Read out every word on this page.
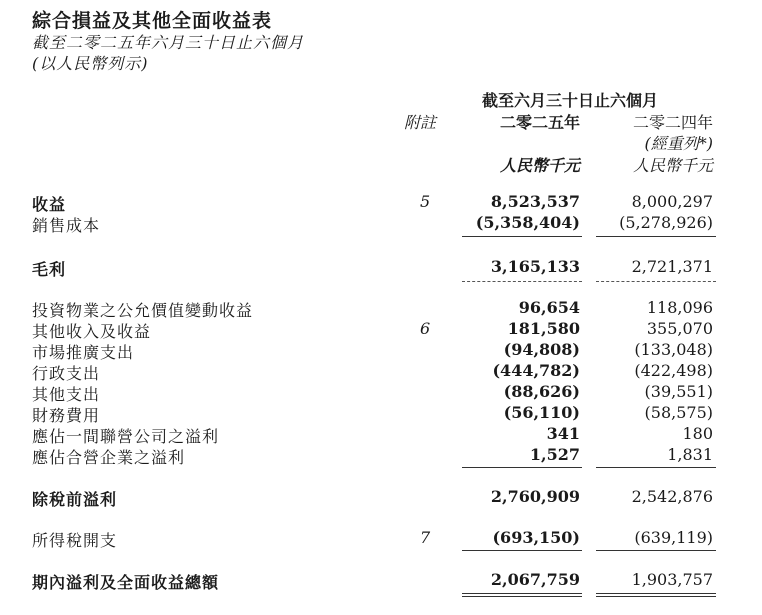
綜合損益及其他全面收益表
截至二零二五年六月三十日止六個月
(以人民幣列示)
截至六月三十日止六個月
附註	二零二五年	二零二四年
(經重列*)
人民幣千元	人民幣千元
收益	5	8,523,537	8,000,297
銷售成本	(5,358,404) (5,278,926)
毛利	3,165,133	2,721,371
投資物業之公允價值變動收益	96,654	118,096
其他收入及收益	6	181,580	355,070
市場推廣支出	(94,808)	(133,048)
行政支出	(444,782)	(422,498)
其他支出	(88,626)	(39,551)
財務費用	(56,110)	(58,575)
應佔一間聯營公司之溢利	341	180
應佔合營企業之溢利	1,527	1,831
除稅前溢利	2,760,909	2,542,876
所得稅開支	7	(693,150)	(639,119)
期內溢利及全面收益總額	2,067,759	1,903,757
